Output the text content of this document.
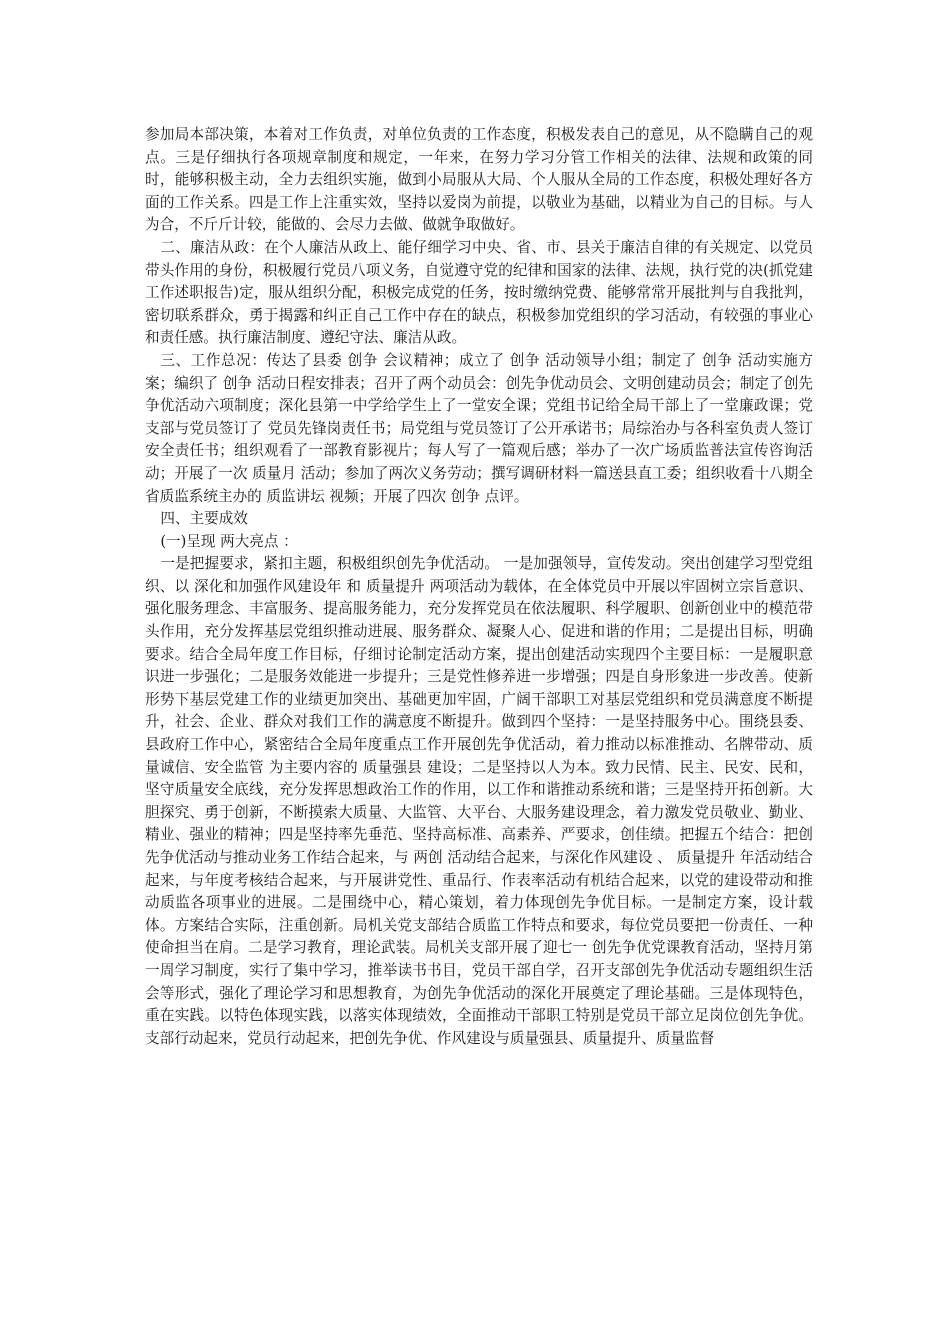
参加局本部决策，本着对工作负责，对单位负责的工作态度，积极发表自己的意见，从不隐瞒自己的观点。三是仔细执行各项规章制度和规定，一年来，在努力学习分管工作相关的法律、法规和政策的同时，能够积极主动，全力去组织实施，做到小局服从大局、个人服从全局的工作态度，积极处理好各方面的工作关系。四是工作上注重实效，坚持以爱岗为前提，以敬业为基础，以精业为自己的目标。与人为合，不斤斤计较，能做的、会尽力去做、做就争取做好。

二、廉洁从政：在个人廉洁从政上、能仔细学习中央、省、市、县关于廉洁自律的有关规定、以党员带头作用的身份，积极履行党员八项义务，自觉遵守党的纪律和国家的法律、法规，执行党的决(抓党建工作述职报告)定，服从组织分配，积极完成党的任务，按时缴纳党费、能够常常开展批判与自我批判，密切联系群众，勇于揭露和纠正自己工作中存在的缺点，积极参加党组织的学习活动，有较强的事业心和责任感。执行廉洁制度、遵纪守法、廉洁从政。

三、工作总况：传达了县委 创争 会议精神；成立了 创争 活动领导小组；制定了 创争 活动实施方案；编织了 创争 活动日程安排表；召开了两个动员会：创先争优动员会、文明创建动员会；制定了创先争优活动六项制度；深化县第一中学给学生上了一堂安全课；党组书记给全局干部上了一堂廉政课；党支部与党员签订了 党员先锋岗责任书；局党组与党员签订了公开承诺书；局综治办与各科室负责人签订安全责任书；组织观看了一部教育影视片；每人写了一篇观后感；举办了一次广场质监普法宣传咨询活动；开展了一次 质量月 活动；参加了两次义务劳动；撰写调研材料一篇送县直工委；组织收看十八期全省质监系统主办的 质监讲坛 视频；开展了四次 创争 点评。

四、主要成效

(一)呈现 两大亮点 ：

一是把握要求，紧扣主题，积极组织创先争优活动。 一是加强领导，宣传发动。突出创建学习型党组织、以 深化和加强作风建设年 和 质量提升 两项活动为载体，在全体党员中开展以牢固树立宗旨意识、强化服务理念、丰富服务、提高服务能力，充分发挥党员在依法履职、科学履职、创新创业中的模范带头作用，充分发挥基层党组织推动进展、服务群众、凝聚人心、促进和谐的作用；二是提出目标，明确要求。结合全局年度工作目标，仔细讨论制定活动方案，提出创建活动实现四个主要目标：一是履职意识进一步强化；二是服务效能进一步提升；三是党性修养进一步增强；四是自身形象进一步改善。使新形势下基层党建工作的业绩更加突出、基础更加牢固，广阔干部职工对基层党组织和党员满意度不断提升，社会、企业、群众对我们工作的满意度不断提升。做到四个坚持：一是坚持服务中心。围绕县委、县政府工作中心，紧密结合全局年度重点工作开展创先争优活动，着力推动以标准推动、名牌带动、质量诚信、安全监管 为主要内容的 质量强县 建设；二是坚持以人为本。致力民情、民主、民安、民和，坚守质量安全底线，充分发挥思想政治工作的作用，以工作和谐推动系统和谐；三是坚持开拓创新。大胆探究、勇于创新，不断摸索大质量、大监管、大平台、大服务建设理念，着力激发党员敬业、勤业、精业、强业的精神；四是坚持率先垂范、坚持高标准、高素养、严要求，创佳绩。把握五个结合：把创先争优活动与推动业务工作结合起来，与 两创 活动结合起来，与深化作风建设 、 质量提升 年活动结合起来，与年度考核结合起来，与开展讲党性、重品行、作表率活动有机结合起来，以党的建设带动和推动质监各项事业的进展。二是围绕中心，精心策划，着力体现创先争优目标。一是制定方案，设计载体。方案结合实际，注重创新。局机关党支部结合质监工作特点和要求，每位党员要把一份责任、一种使命担当在肩。二是学习教育，理论武装。局机关支部开展了迎七一 创先争优党课教育活动，坚持月第一周学习制度，实行了集中学习，推举读书书目，党员干部自学，召开支部创先争优活动专题组织生活会等形式，强化了理论学习和思想教育，为创先争优活动的深化开展奠定了理论基础。三是体现特色，重在实践。以特色体现实践，以落实体现绩效，全面推动干部职工特别是党员干部立足岗位创先争优。支部行动起来，党员行动起来，把创先争优、作风建设与质量强县、质量提升、质量监督
